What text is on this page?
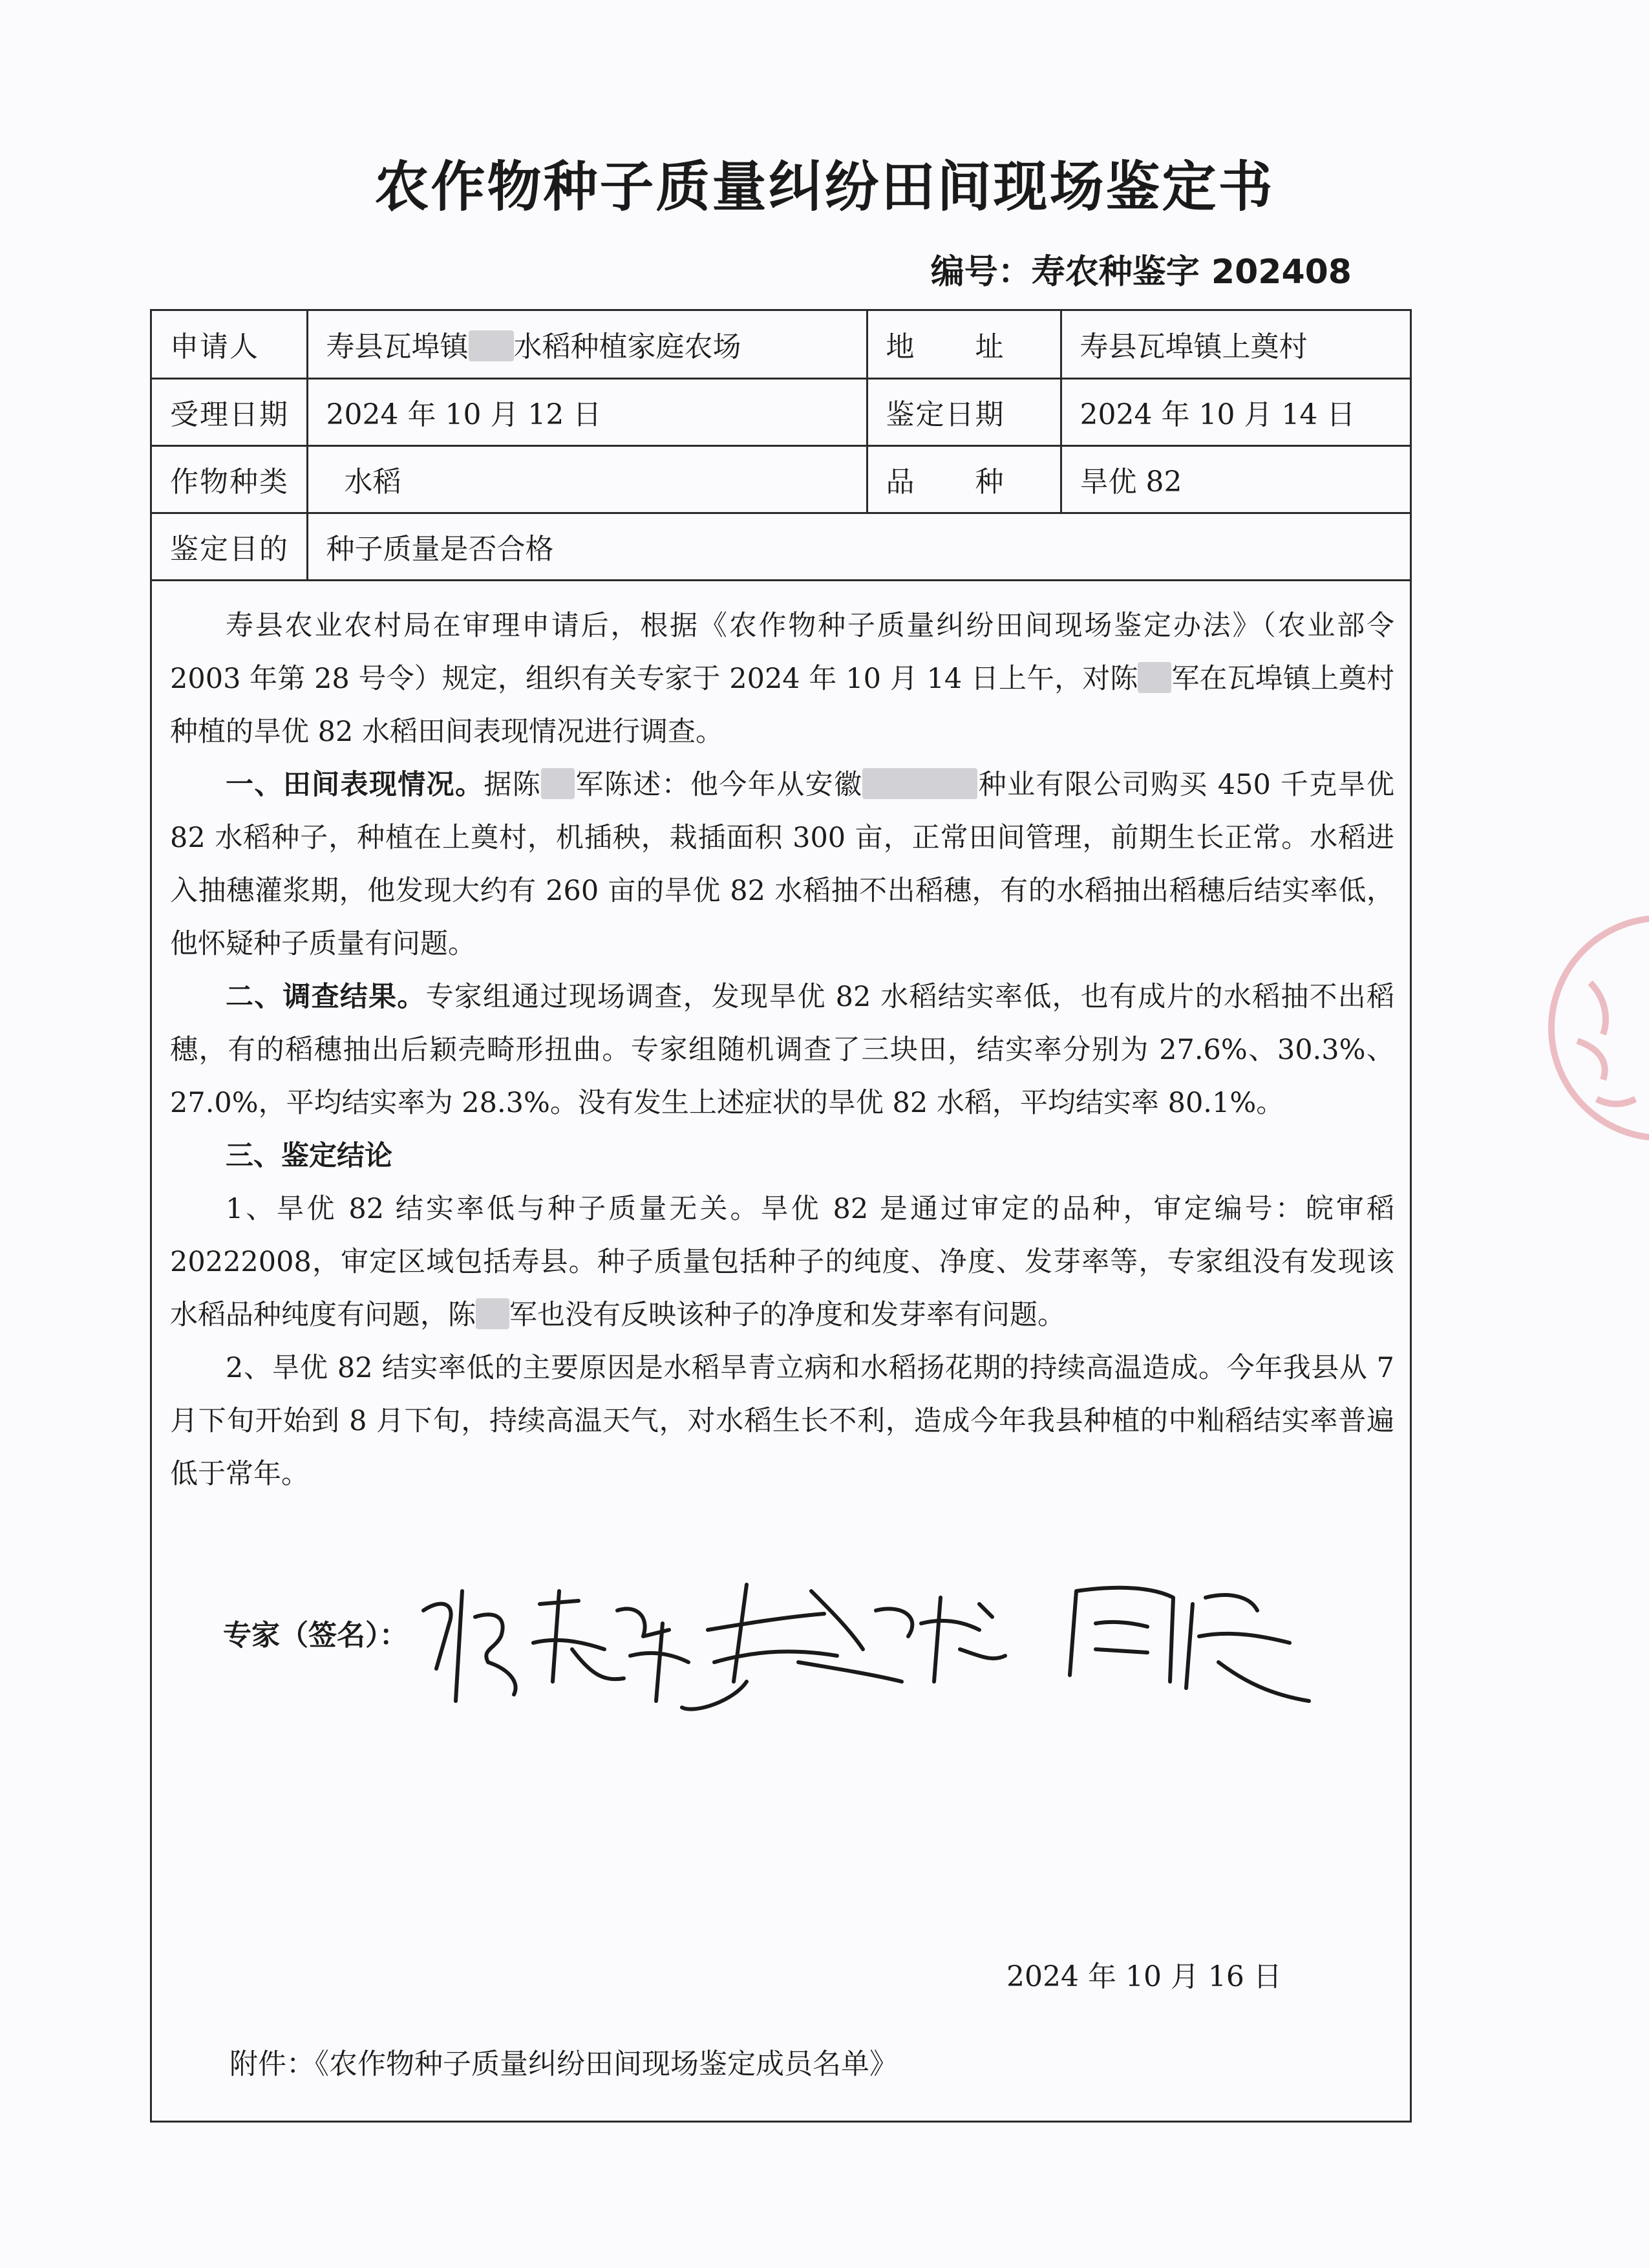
农作物种子质量纠纷田间现场鉴定书
编号：寿农种鉴字 202408
申请人	寿县瓦埠镇 水稻种植家庭农场	地　　址	寿县瓦埠镇上奠村
受理日期	2024 年 10 月 12 日	鉴定日期	2024 年 10 月 14 日
作物种类	水稻	品　　种	旱优 82
鉴定目的	种子质量是否合格		

寿县农业农村局在审理申请后，根据《农作物种子质量纠纷田间现场鉴定办法》（农业部令 2003 年第 28 号令）规定，组织有关专家于 2024 年 10 月 14 日上午，对陈 军在瓦埠镇上奠村种植的旱优 82 水稻田间表现情况进行调查。

一、田间表现情况。据陈 军陈述：他今年从安徽	种业有限公司购买 450 千克旱优 82 水稻种子，种植在上奠村，机插秧，栽插面积 300 亩，正常田间管理，前期生长正常。水稻进入抽穗灌浆期，他发现大约有 260 亩的旱优 82 水稻抽不出稻穗，有的水稻抽出稻穗后结实率低，他怀疑种子质量有问题。

二、调查结果。专家组通过现场调查，发现旱优 82 水稻结实率低，也有成片的水稻抽不出稻穗，有的稻穗抽出后颖壳畸形扭曲。专家组随机调查了三块田，结实率分别为 27.6%、30.3%、27.0%，平均结实率为 28.3%。没有发生上述症状的旱优 82 水稻，平均结实率 80.1%。

三、鉴定结论

1、旱优 82 结实率低与种子质量无关。旱优 82 是通过审定的品种，审定编号：皖审稻 20222008，审定区域包括寿县。种子质量包括种子的纯度、净度、发芽率等，专家组没有发现该水稻品种纯度有问题，陈 军也没有反映该种子的净度和发芽率有问题。

2、旱优 82 结实率低的主要原因是水稻旱青立病和水稻扬花期的持续高温造成。今年我县从 7 月下旬开始到 8 月下旬，持续高温天气，对水稻生长不利，造成今年我县种植的中籼稻结实率普遍低于常年。

专家（签名）：
2024 年 10 月 16 日
附件：《农作物种子质量纠纷田间现场鉴定成员名单》
